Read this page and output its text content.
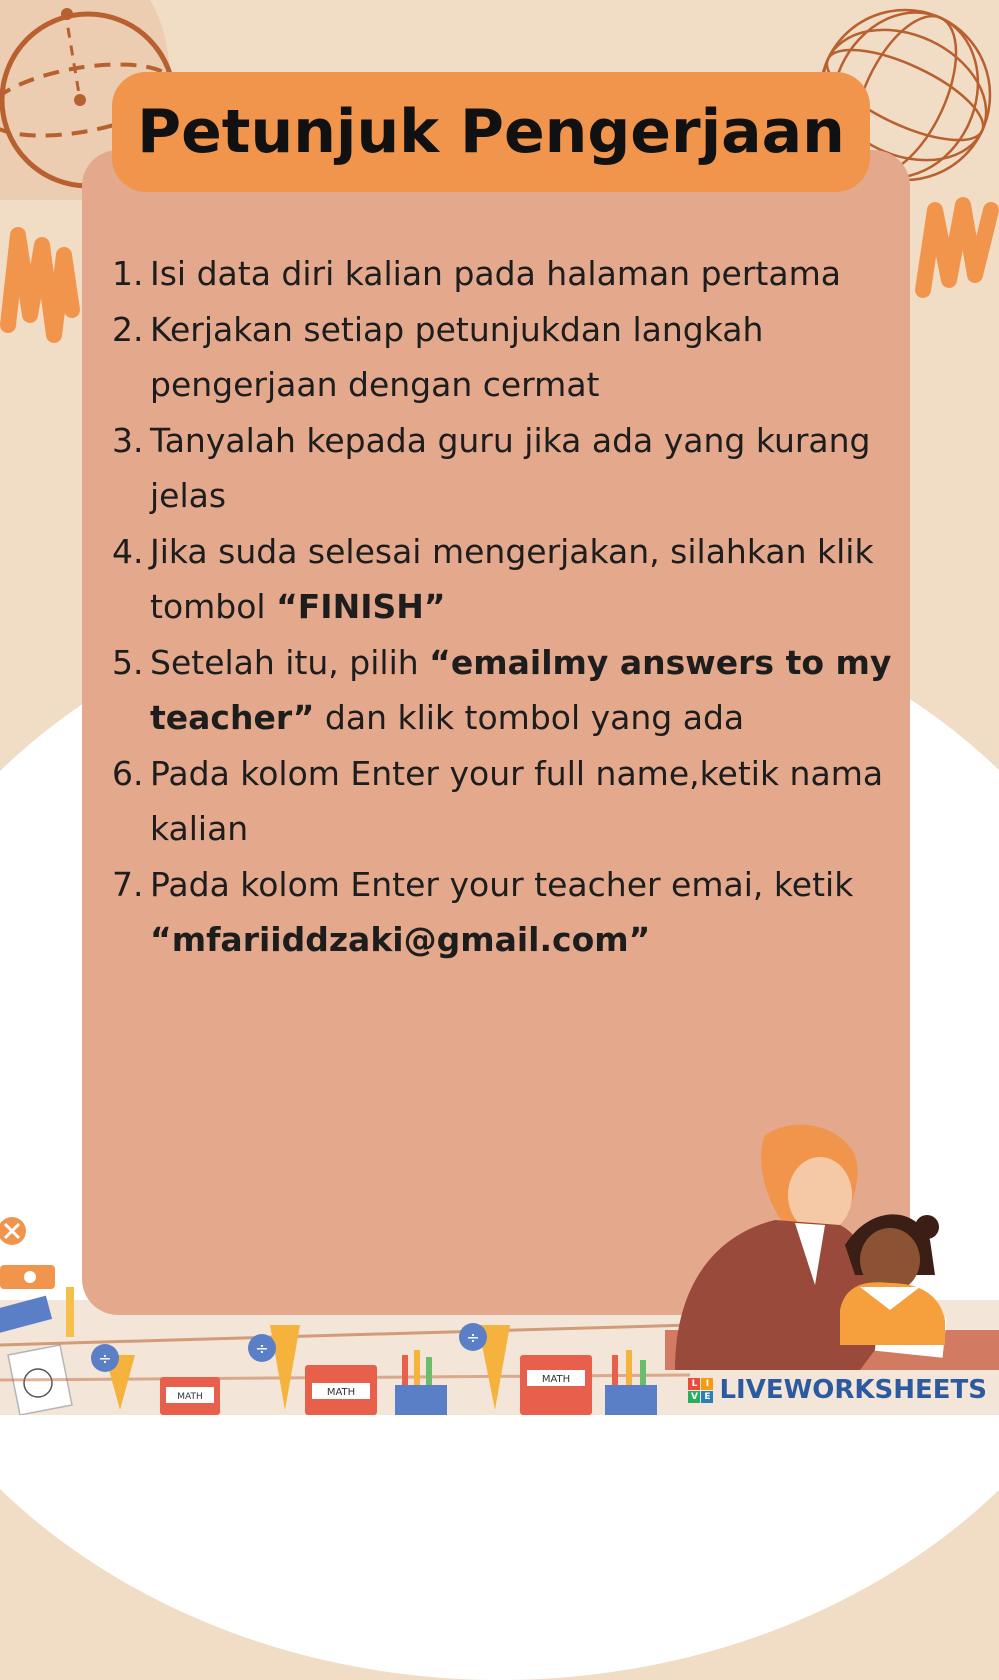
Petunjuk Pengerjaan
1. Isi data diri kalian pada halaman pertama
2. Kerjakan setiap petunjukdan langkah pengerjaan dengan cermat
3. Tanyalah kepada guru jika ada yang kurang jelas
4. Jika suda selesai mengerjakan, silahkan klik tombol “FINISH”
5. Setelah itu, pilih “emailmy answers to my teacher” dan klik tombol yang ada
6. Pada kolom Enter your full name,ketik nama kalian
7. Pada kolom Enter your teacher emai, ketik “mfariiddzaki@gmail.com”
÷
÷
÷
MATH	MATH
MATH	L I
V E LIVEWORKSHEETS
